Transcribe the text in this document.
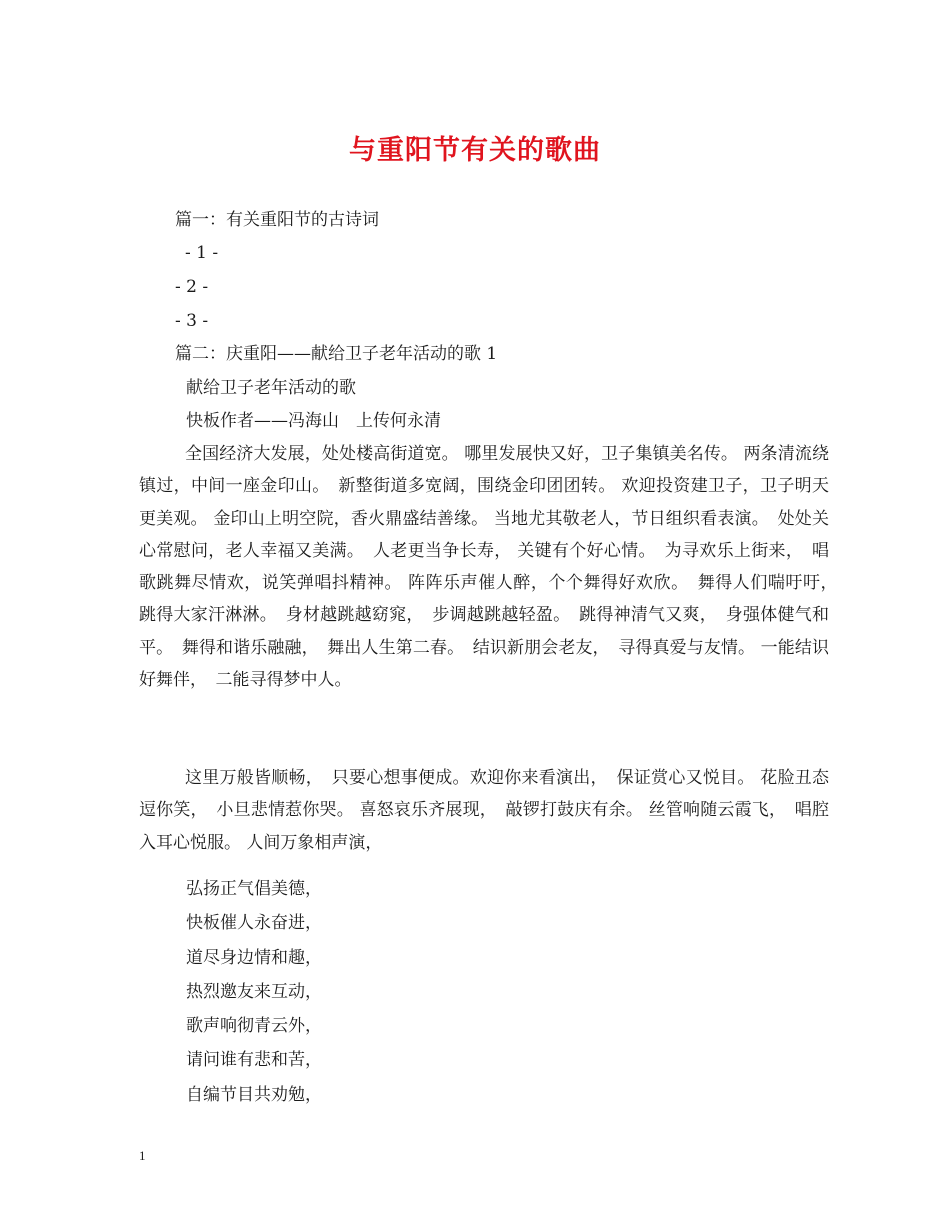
与重阳节有关的歌曲
篇一：有关重阳节的古诗词
- 1 -
- 2 -
- 3 -
篇二：庆重阳——献给卫子老年活动的歌 1
献给卫子老年活动的歌
快板作者——冯海山　上传何永清

全国经济大发展，处处楼高街道宽。 哪里发展快又好，卫子集镇美名传。 两条清流绕镇过，中间一座金印山。　新整街道多宽阔，围绕金印团团转。 欢迎投资建卫子，卫子明天更美观。 金印山上明空院，香火鼎盛结善缘。 当地尤其敬老人，节日组织看表演。　处处关心常慰问，老人幸福又美满。　人老更当争长寿， 关键有个好心情。　为寻欢乐上街来，　唱歌跳舞尽情欢，说笑弹唱抖精神。 阵阵乐声催人醉，个个舞得好欢欣。　舞得人们喘吁吁，　跳得大家汗淋淋。　身材越跳越窈窕，　步调越跳越轻盈。　跳得神清气又爽，　身强体健气和平。　舞得和谐乐融融，　舞出人生第二春。　结识新朋会老友，　寻得真爱与友情。 一能结识好舞伴，　二能寻得梦中人。

这里万般皆顺畅，　只要心想事便成。欢迎你来看演出，　保证赏心又悦目。 花脸丑态逗你笑，　小旦悲情惹你哭。 喜怒哀乐齐展现，　敲锣打鼓庆有余。 丝管响随云霞飞，　唱腔入耳心悦服。 人间万象相声演，

弘扬正气倡美德，
快板催人永奋进，
道尽身边情和趣，
热烈邀友来互动，
歌声响彻青云外，
请问谁有悲和苦，
自编节目共劝勉，
1
